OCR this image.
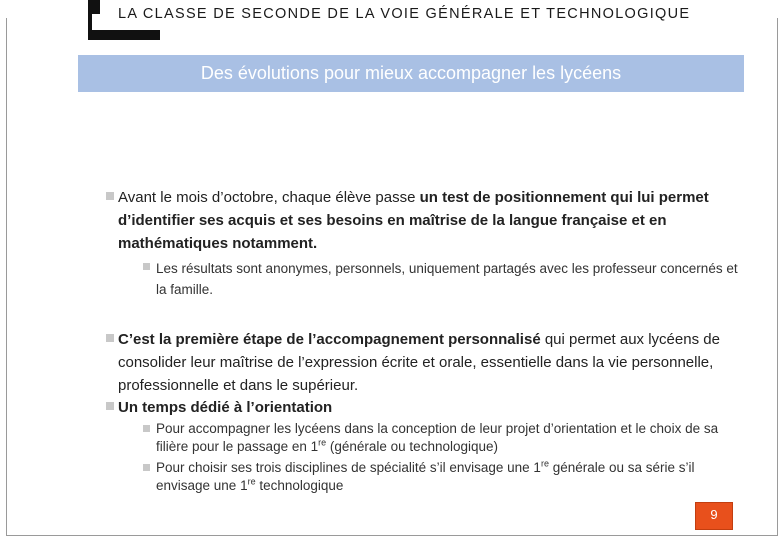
LA CLASSE DE SECONDE DE LA VOIE GÉNÉRALE ET TECHNOLOGIQUE
Des évolutions pour mieux accompagner les lycéens
Avant le mois d’octobre, chaque élève passe un test de positionnement qui lui permet d’identifier ses acquis et ses besoins en maîtrise de la langue française et en mathématiques notamment.
Les résultats sont anonymes, personnels, uniquement partagés avec les professeur concernés et la famille.
C’est la première étape de l’accompagnement personnalisé qui permet aux lycéens de consolider leur maîtrise de l’expression écrite et orale, essentielle dans la vie personnelle, professionnelle et dans le supérieur.
Un temps dédié à l’orientation
Pour accompagner les lycéens dans la conception de leur projet d’orientation et le choix de sa filière pour le passage en 1re (générale ou technologique)
Pour choisir ses trois disciplines de spécialité s’il envisage une 1re générale ou sa série s’il envisage une 1re technologique
9
